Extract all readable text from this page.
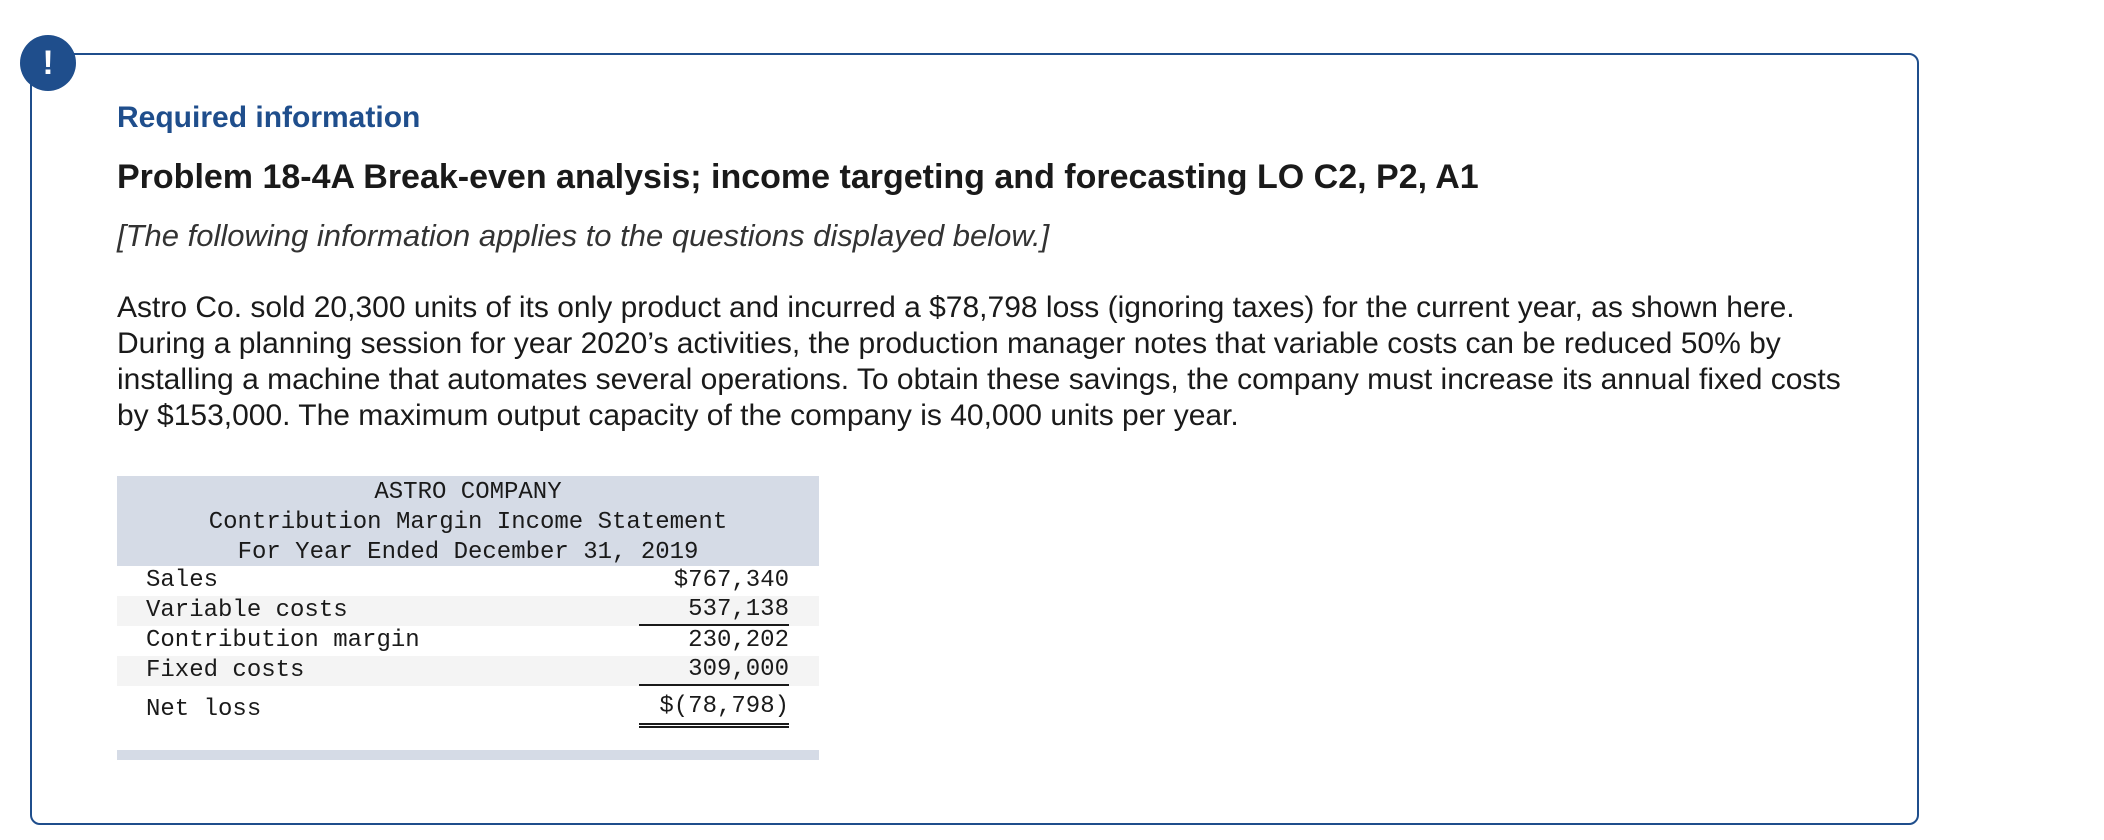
!
Required information
Problem 18-4A Break-even analysis; income targeting and forecasting LO C2, P2, A1

[The following information applies to the questions displayed below.]

Astro Co. sold 20,300 units of its only product and incurred a $78,798 loss (ignoring taxes) for the current year, as shown here. During a planning session for year 2020’s activities, the production manager notes that variable costs can be reduced 50% by installing a machine that automates several operations. To obtain these savings, the company must increase its annual fixed costs by $153,000. The maximum output capacity of the company is 40,000 units per year.

ASTRO COMPANY
Contribution Margin Income Statement
For Year Ended December 31, 2019
Sales	$767,340
Variable costs	537,138
Contribution margin	230,202
Fixed costs	309,000
Net loss	$(78,798)
